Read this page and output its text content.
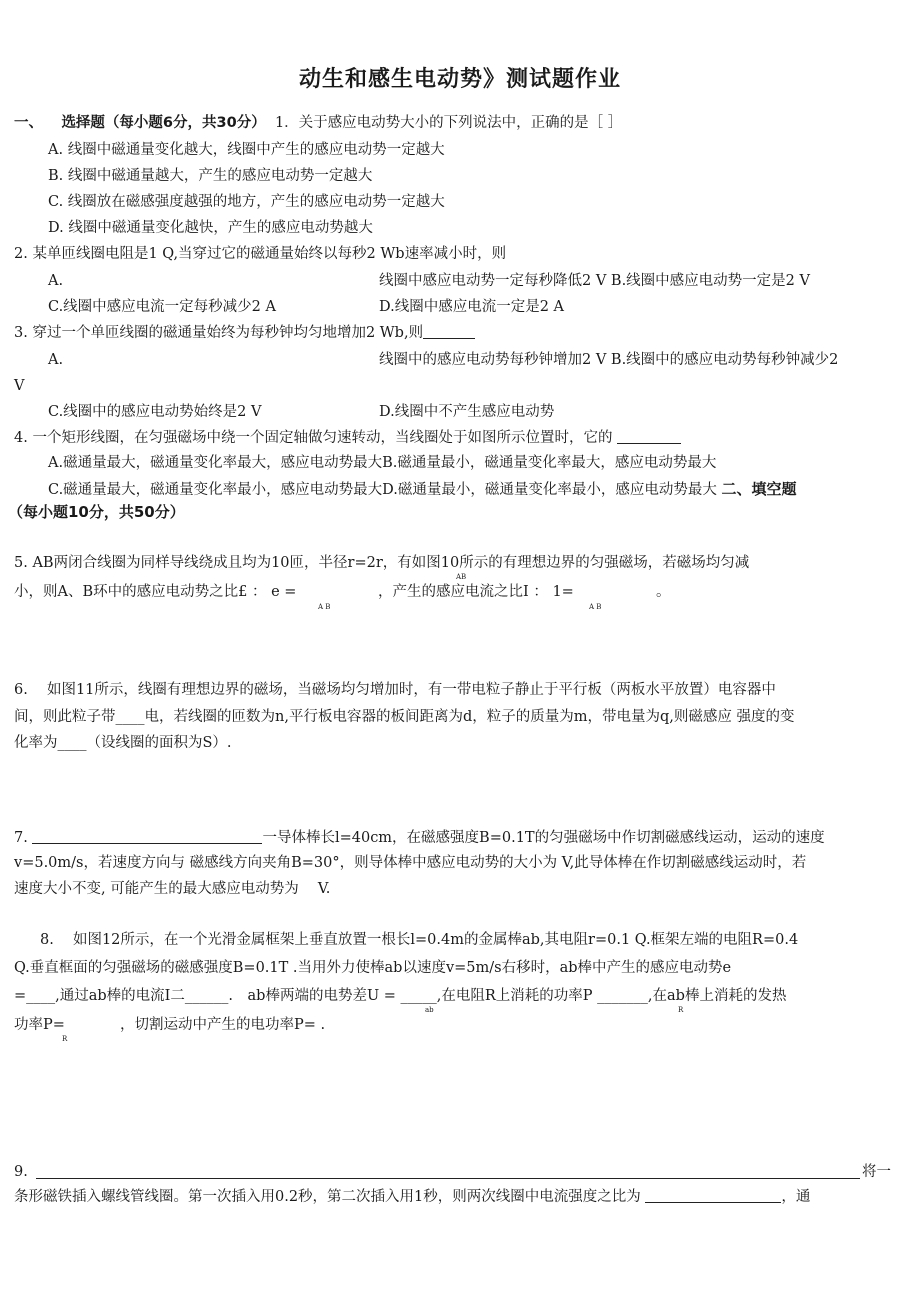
动生和感生电动势》测试题作业
一、 选择题（每小题6分，共30分） 1．关于感应电动势大小的下列说法中，正确的是［ ］
A. 线圈中磁通量变化越大，线圈中产生的感应电动势一定越大
B. 线圈中磁通量越大，产生的感应电动势一定越大
C. 线圈放在磁感强度越强的地方，产生的感应电动势一定越大
D. 线圈中磁通量变化越快，产生的感应电动势越大
2. 某单匝线圈电阻是1 Q,当穿过它的磁通量始终以每秒2 Wb速率减小时，则
A.	线圈中感应电动势一定每秒降低2 V B.线圈中感应电动势一定是2 V
C.线圈中感应电流一定每秒减少2 A	D.线圈中感应电流一定是2 A
3. 穿过一个单匝线圈的磁通量始终为每秒钟均匀地增加2 Wb,则
A.	线圈中的感应电动势每秒钟增加2 V B.线圈中的感应电动势每秒钟减少2
V
C.线圈中的感应电动势始终是2 V	D.线圈中不产生感应电动势
4. 一个矩形线圈，在匀强磁场中绕一个固定轴做匀速转动，当线圈处于如图所示位置时，它的
A.磁通量最大，磁通量变化率最大，感应电动势最大B.磁通量最小，磁通量变化率最大，感应电动势最大
C.磁通量最大，磁通量变化率最小，感应电动势最大D.磁通量最小，磁通量变化率最小，感应电动势最大 二、填空题
（每小题10分，共50分）
5. AB两闭合线圈为同样导线绕成且均为10匝，半径r=2r，有如图10所示的有理想边界的匀强磁场，若磁场均匀减
AB
小，则A、B环中的感应电动势之比£ ： e =
A B
，产生的感应电流之比I ： 1=
A B
。
6.　 如图11所示，线圈有理想边界的磁场，当磁场均匀增加时，有一带电粒子静止于平行板（两板水平放置）电容器中
间，则此粒子带____电，若线圈的匝数为n,平行板电容器的板间距离为d，粒子的质量为m，带电量为q,则磁感应 强度的变
化率为____（设线圈的面积为S）.
7.	一导体棒长l=40cm，在磁感强度B=0.1T的匀强磁场中作切割磁感线运动，运动的速度
v=5.0m/s，若速度方向与 磁感线方向夹角B=30°，则导体棒中感应电动势的大小为 V,此导体棒在作切割磁感线运动时，若
速度大小不变, 可能产生的最大感应电动势为　 V.
8.　 如图12所示，在一个光滑金属框架上垂直放置一根长l=0.4m的金属棒ab,其电阻r=0.1 Q.框架左端的电阻R=0.4
Q.垂直框面的匀强磁场的磁感强度B=0.1T .当用外力使棒ab以速度v=5m/s右移时，ab棒中产生的感应电动势e
=____,通过ab棒的电流I二______.　ab棒两端的电势差U = _____,在电阻R上消耗的功率P _______,在ab棒上消耗的发热
ab	R
功率P=	，切割运动中产生的电功率P= .
R
9.	将一
条形磁铁插入螺线管线圈。第一次插入用0.2秒，第二次插入用1秒，则两次线圈中电流强度之比为	，通
